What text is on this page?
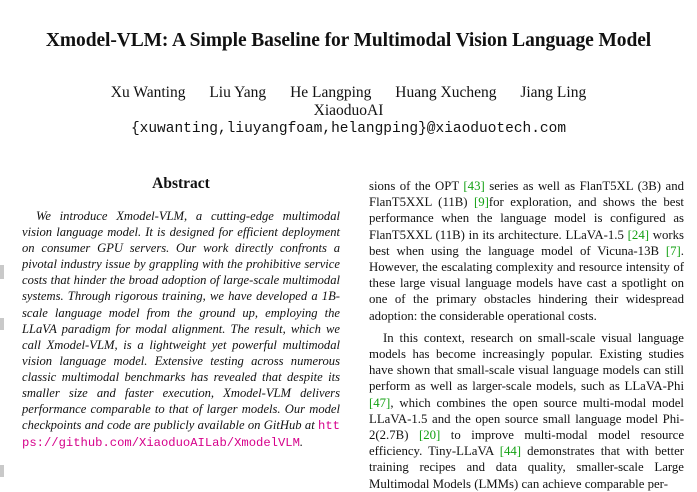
Xmodel-VLM: A Simple Baseline for Multimodal Vision Language Model
Xu Wanting Liu Yang He Langping Huang Xucheng Jiang Ling
XiaoduoAI
{xuwanting,liuyangfoam,helangping}@xiaoduotech.com
Abstract

We introduce Xmodel-VLM, a cutting-edge multimodal vision language model. It is designed for efficient deployment on consumer GPU servers. Our work directly confronts a pivotal industry issue by grappling with the prohibitive service costs that hinder the broad adoption of large-scale multimodal systems. Through rigorous training, we have developed a 1B-scale language model from the ground up, employing the LLaVA paradigm for modal alignment. The result, which we call Xmodel-VLM, is a lightweight yet powerful multimodal vision language model. Extensive testing across numerous classic multimodal benchmarks has revealed that despite its smaller size and faster execution, Xmodel-VLM delivers performance comparable to that of larger models. Our model checkpoints and code are publicly available on GitHub at https://github.com/XiaoduoAILab/XmodelVLM.

sions of the OPT [43] series as well as FlanT5XL (3B) and FlanT5XXL (11B) [9]for exploration, and shows the best performance when the language model is configured as FlanT5XXL (11B) in its architecture. LLaVA-1.5 [24] works best when using the language model of Vicuna-13B [7]. However, the escalating complexity and resource intensity of these large visual language models have cast a spotlight on one of the primary obstacles hindering their widespread adoption: the considerable operational costs.

In this context, research on small-scale visual language models has become increasingly popular. Existing studies have shown that small-scale visual language models can still perform as well as larger-scale models, such as LLaVA-Phi [47], which combines the open source multi-modal model LLaVA-1.5 and the open source small language model Phi-2(2.7B) [20] to improve multi-modal model resource efficiency. Tiny-LLaVA [44] demonstrates that with better training recipes and data quality, smaller-scale Large Multimodal Models (LMMs) can achieve comparable per-
